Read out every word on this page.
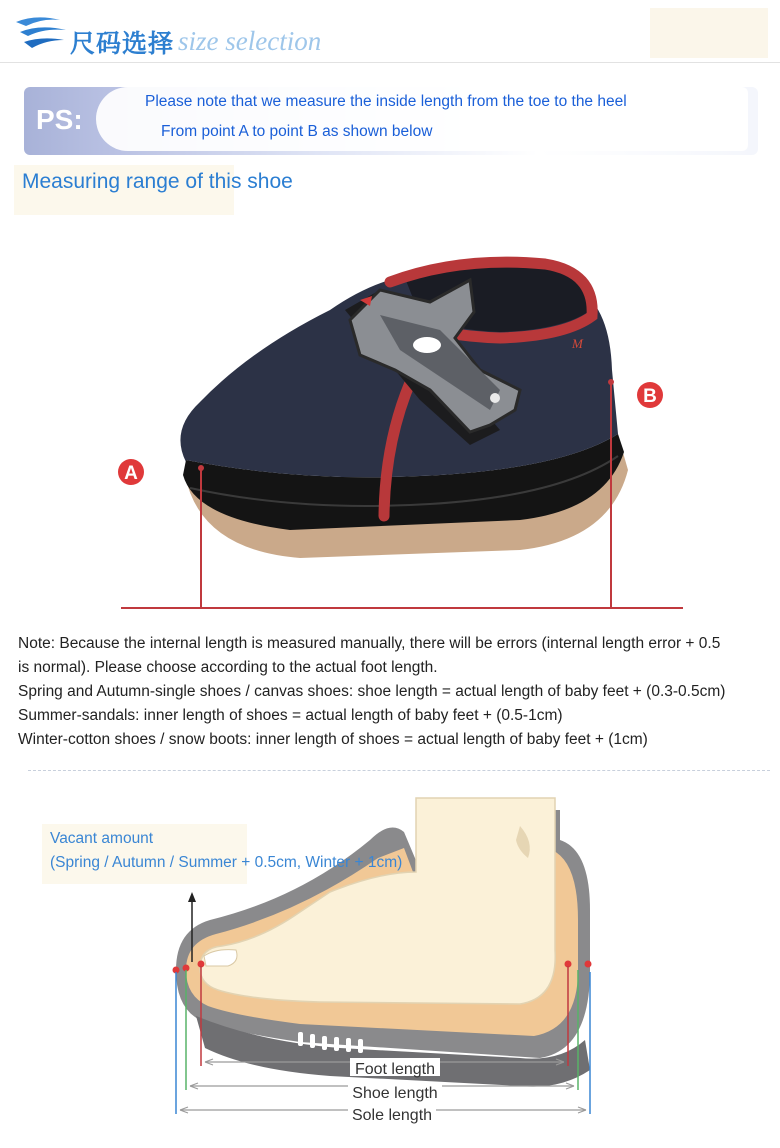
尺码选择 size selection
PS:
Please note that we measure the inside length from the toe to the heel
From point A to point B as shown below
Measuring range of this shoe
M
A
B
Note: Because the internal length is measured manually, there will be errors (internal length error + 0.5
is normal). Please choose according to the actual foot length.
Spring and Autumn-single shoes / canvas shoes: shoe length = actual length of baby feet + (0.3-0.5cm)
Summer-sandals: inner length of shoes = actual length of baby feet + (0.5-1cm)
Winter-cotton shoes / snow boots: inner length of shoes = actual length of baby feet + (1cm)
Foot length
Shoe length
Sole length
Vacant amount
(Spring / Autumn / Summer + 0.5cm, Winter + 1cm)
